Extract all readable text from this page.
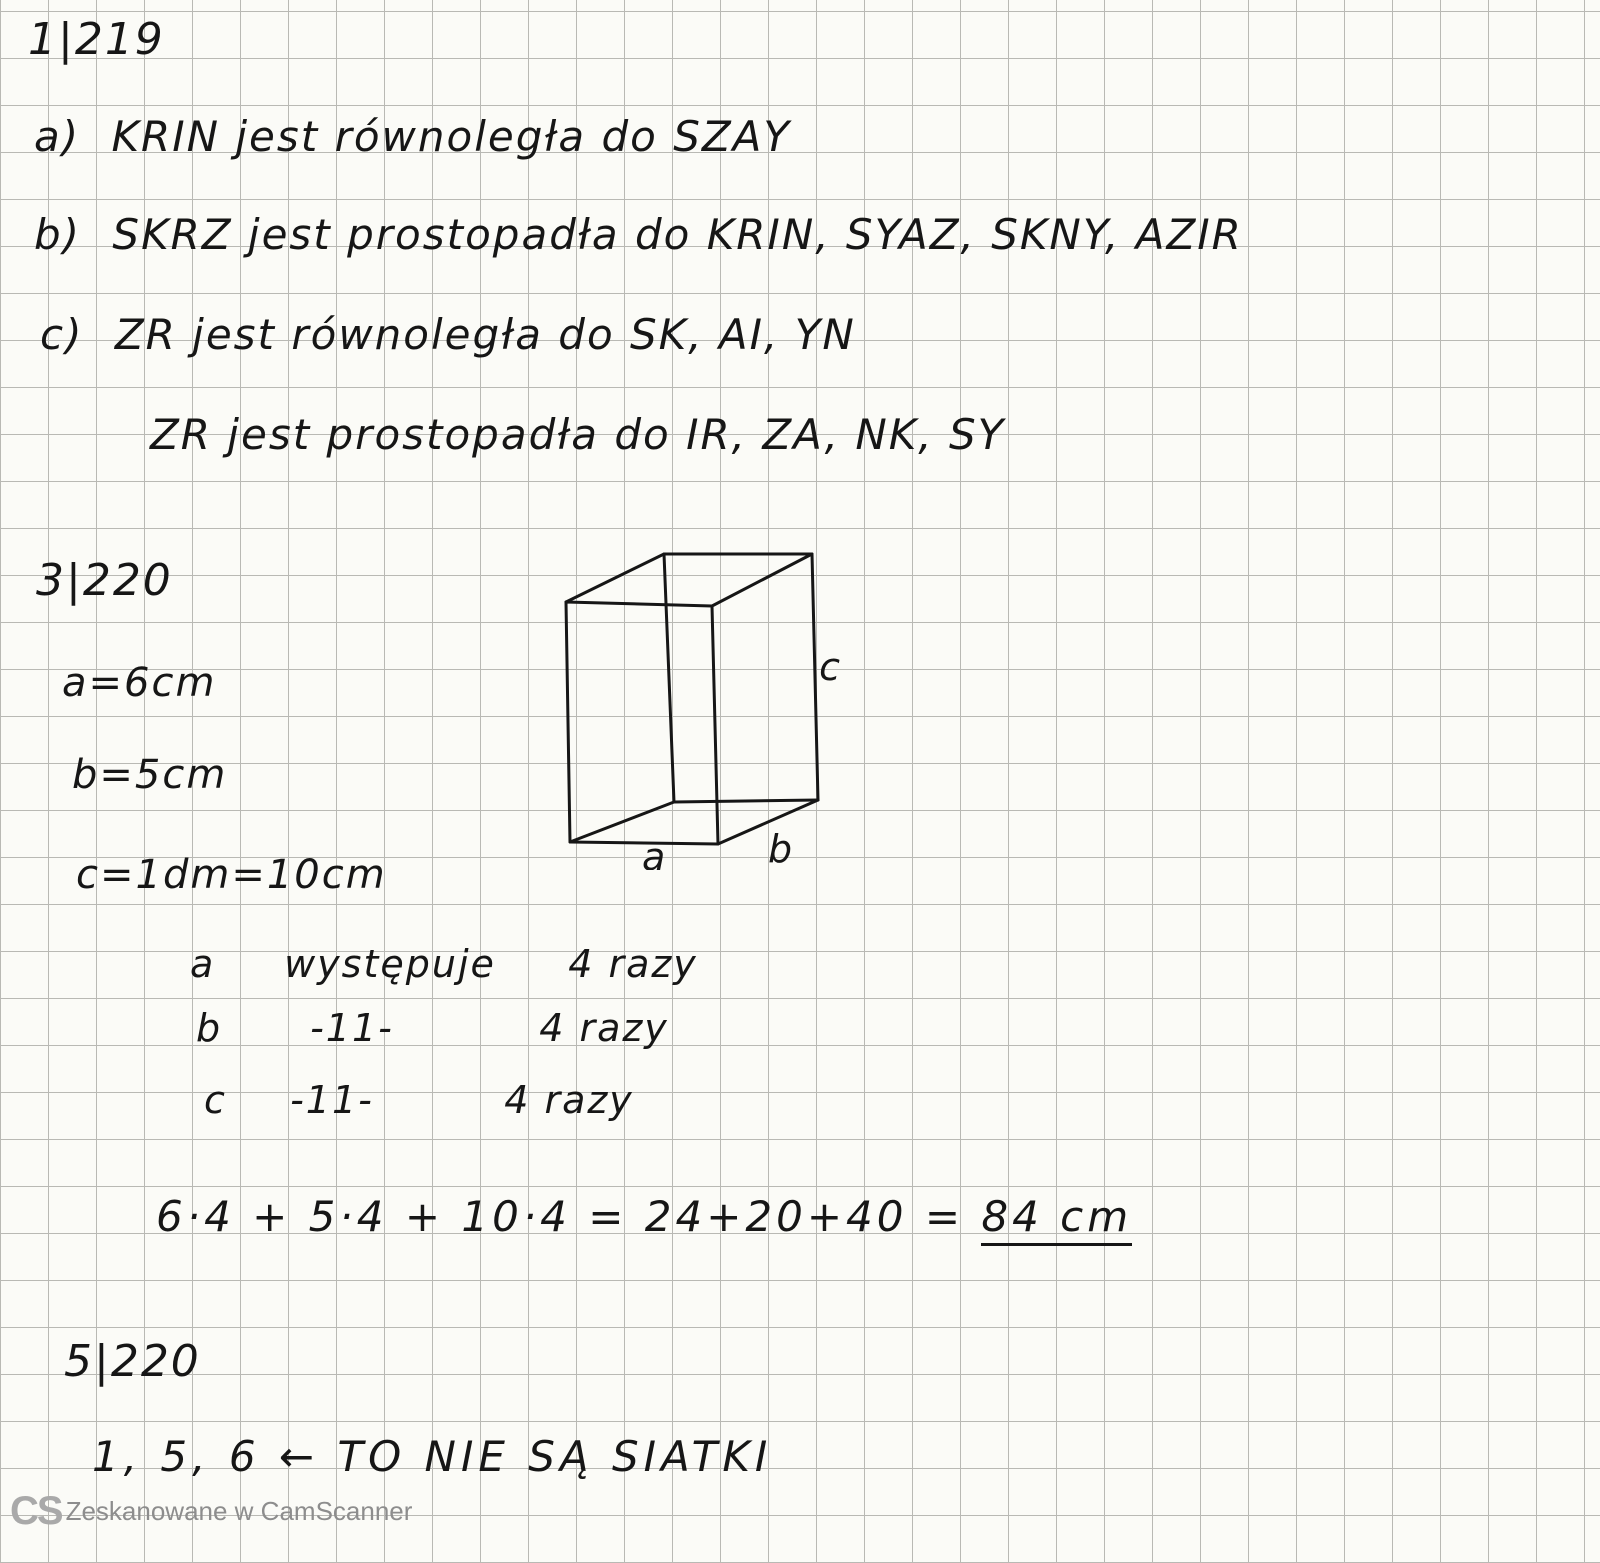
1|219
a) KRIN jest równoległa do SZAY
b) SKRZ jest prostopadła do KRIN, SYAZ, SKNY, AZIR
c) ZR jest równoległa do SK, AI, YN
ZR jest prostopadła do IR, ZA, NK, SY
3|220
a=6cm
b=5cm
c=1dm=10cm
c
a	b
a występuje 4 razy
b -11-	4 razy
c -11-	4 razy
6·4 + 5·4 + 10·4 = 24+20+40 = 84 cm
5|220
1, 5, 6 ← TO NIE SĄ SIATKI
CS Zeskanowane w CamScanner
